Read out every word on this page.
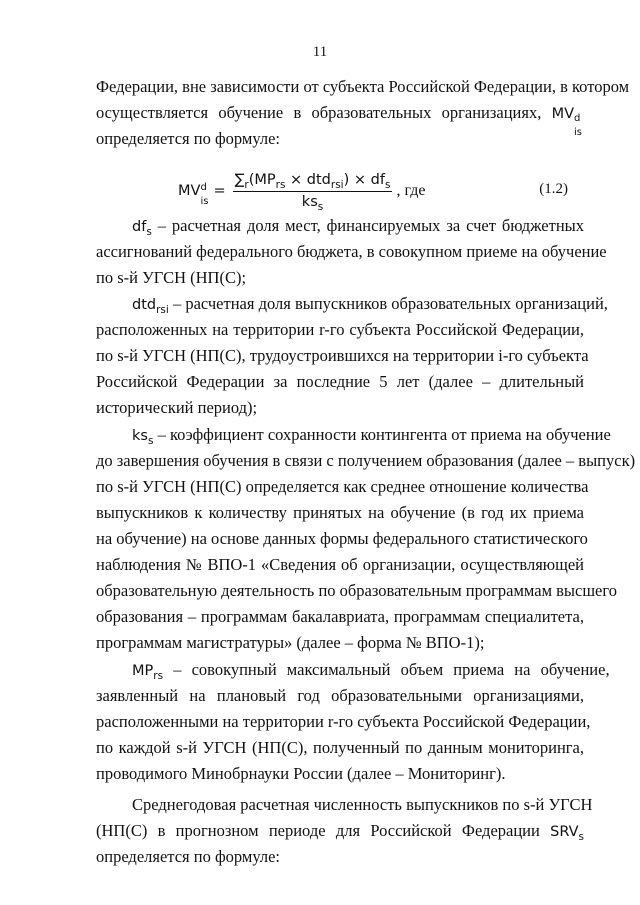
11
Федерации, вне зависимости от субъекта Российской Федерации, в котором
осуществляется обучение в образовательных организациях, MV d
is
определяется по формуле:
MV d
is
= $\frac{\sum_r(MP_{rs} \times dtd_{rsi}) \times df_s}{ks_s}$ , где	(1.2)
$df_s$ – расчетная доля мест, финансируемых за счет бюджетных
ассигнований федерального бюджета, в совокупном приеме на обучение
по s-й УГСН (НП(С);
dtd$_{rsi}$ – расчетная доля выпускников образовательных организаций,
расположенных на территории r-го субъекта Российской Федерации,
по s-й УГСН (НП(С), трудоустроившихся на территории i-го субъекта
Российской Федерации за последние 5 лет (далее – длительный
исторический период);
$ks_s$ – коэффициент сохранности контингента от приема на обучение
до завершения обучения в связи с получением образования (далее – выпуск)
по s-й УГСН (НП(С) определяется как среднее отношение количества
выпускников к количеству принятых на обучение (в год их приема
на обучение) на основе данных формы федерального статистического
наблюдения № ВПО-1 «Сведения об организации, осуществляющей
образовательную деятельность по образовательным программам высшего
образования – программам бакалавриата, программам специалитета,
программам магистратуры» (далее – форма № ВПО-1);
$MP_{rs}$ – совокупный максимальный объем приема на обучение,
заявленный на плановый год образовательными организациями,
расположенными на территории r-го субъекта Российской Федерации,
по каждой s-й УГСН (НП(С), полученный по данным мониторинга,
проводимого Минобрнауки России (далее – Мониторинг).
Среднегодовая расчетная численность выпускников по s-й УГСН
(НП(С) в прогнозном периоде для Российской Федерации $SRV_s$
определяется по формуле:
